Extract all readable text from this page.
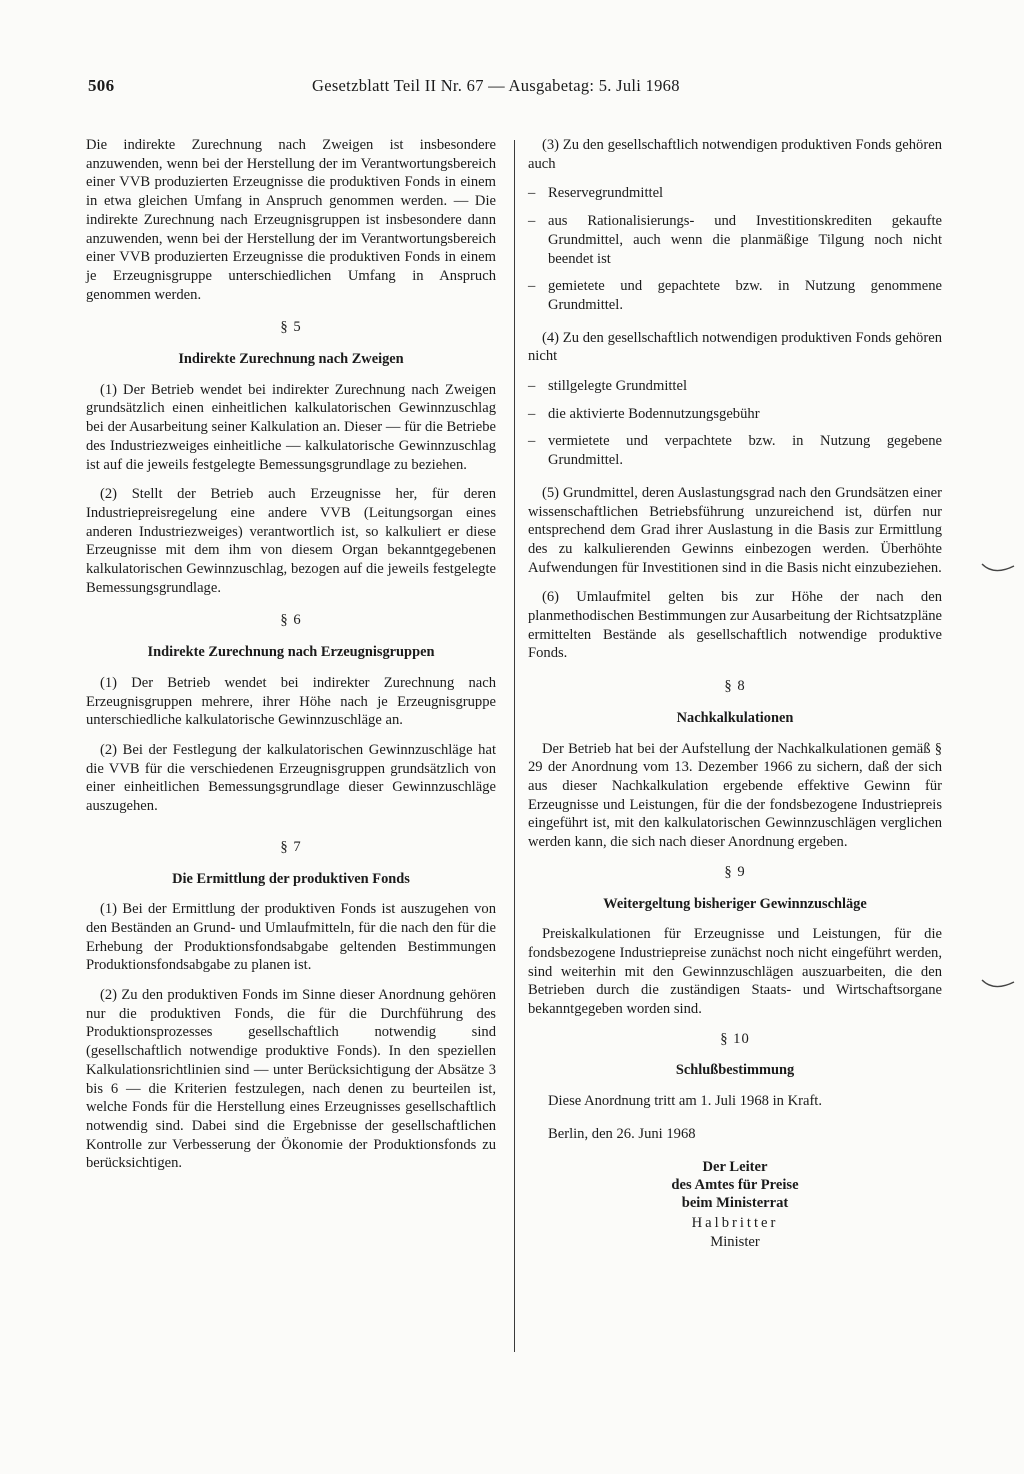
506	Gesetzblatt Teil II Nr. 67 — Ausgabetag: 5. Juli 1968

Die indirekte Zurechnung nach Zweigen ist insbesondere anzuwenden, wenn bei der Herstellung der im Verantwortungsbereich einer VVB produzierten Erzeugnisse die produktiven Fonds in einem in etwa gleichen Umfang in Anspruch genommen werden. — Die indirekte Zurechnung nach Erzeugnisgruppen ist insbesondere dann anzuwenden, wenn bei der Herstellung der im Verantwortungsbereich einer VVB produzierten Erzeugnisse die produktiven Fonds in einem je Erzeugnisgruppe unterschiedlichen Umfang in Anspruch genommen werden.

§ 5
Indirekte Zurechnung nach Zweigen

(1) Der Betrieb wendet bei indirekter Zurechnung nach Zweigen grundsätzlich einen einheitlichen kalkulatorischen Gewinnzuschlag bei der Ausarbeitung seiner Kalkulation an. Dieser — für die Betriebe des Industriezweiges einheitliche — kalkulatorische Gewinnzuschlag ist auf die jeweils festgelegte Bemessungsgrundlage zu beziehen.

(2) Stellt der Betrieb auch Erzeugnisse her, für deren Industriepreisregelung eine andere VVB (Leitungsorgan eines anderen Industriezweiges) verantwortlich ist, so kalkuliert er diese Erzeugnisse mit dem ihm von diesem Organ bekanntgegebenen kalkulatorischen Gewinnzuschlag, bezogen auf die jeweils festgelegte Bemessungsgrundlage.

§ 6
Indirekte Zurechnung nach Erzeugnisgruppen

(1) Der Betrieb wendet bei indirekter Zurechnung nach Erzeugnisgruppen mehrere, ihrer Höhe nach je Erzeugnisgruppe unterschiedliche kalkulatorische Gewinnzuschläge an.

(2) Bei der Festlegung der kalkulatorischen Gewinnzuschläge hat die VVB für die verschiedenen Erzeugnisgruppen grundsätzlich von einer einheitlichen Bemessungsgrundlage dieser Gewinnzuschläge auszugehen.

§ 7
Die Ermittlung der produktiven Fonds

(1) Bei der Ermittlung der produktiven Fonds ist auszugehen von den Beständen an Grund- und Umlaufmitteln, für die nach den für die Erhebung der Produktionsfondsabgabe geltenden Bestimmungen Produktionsfondsabgabe zu planen ist.

(2) Zu den produktiven Fonds im Sinne dieser Anordnung gehören nur die produktiven Fonds, die für die Durchführung des Produktionsprozesses gesellschaftlich notwendig sind (gesellschaftlich notwendige produktive Fonds). In den speziellen Kalkulationsrichtlinien sind — unter Berücksichtigung der Absätze 3 bis 6 — die Kriterien festzulegen, nach denen zu beurteilen ist, welche Fonds für die Herstellung eines Erzeugnisses gesellschaftlich notwendig sind. Dabei sind die Ergebnisse der gesellschaftlichen Kontrolle zur Verbesserung der Ökonomie der Produktionsfonds zu berücksichtigen.

(3) Zu den gesellschaftlich notwendigen produktiven Fonds gehören auch

– Reservegrundmittel
– aus Rationalisierungs- und Investitionskrediten gekaufte Grundmittel, auch wenn die planmäßige Tilgung noch nicht beendet ist
– gemietete und gepachtete bzw. in Nutzung genommene Grundmittel.

(4) Zu den gesellschaftlich notwendigen produktiven Fonds gehören nicht

– stillgelegte Grundmittel
– die aktivierte Bodennutzungsgebühr
– vermietete und verpachtete bzw. in Nutzung gegebene Grundmittel.

(5) Grundmittel, deren Auslastungsgrad nach den Grundsätzen einer wissenschaftlichen Betriebsführung unzureichend ist, dürfen nur entsprechend dem Grad ihrer Auslastung in die Basis zur Ermittlung des zu kalkulierenden Gewinns einbezogen werden. Überhöhte Aufwendungen für Investitionen sind in die Basis nicht einzubeziehen.

(6) Umlaufmitel gelten bis zur Höhe der nach den planmethodischen Bestimmungen zur Ausarbeitung der Richtsatzpläne ermittelten Bestände als gesellschaftlich notwendige produktive Fonds.

§ 8
Nachkalkulationen

Der Betrieb hat bei der Aufstellung der Nachkalkulationen gemäß § 29 der Anordnung vom 13. Dezember 1966 zu sichern, daß der sich aus dieser Nachkalkulation ergebende effektive Gewinn für Erzeugnisse und Leistungen, für die der fondsbezogene Industriepreis eingeführt ist, mit den kalkulatorischen Gewinnzuschlägen verglichen werden kann, die sich nach dieser Anordnung ergeben.

§ 9
Weitergeltung bisheriger Gewinnzuschläge

Preiskalkulationen für Erzeugnisse und Leistungen, für die fondsbezogene Industriepreise zunächst noch nicht eingeführt werden, sind weiterhin mit den Gewinnzuschlägen auszuarbeiten, die den Betrieben durch die zuständigen Staats- und Wirtschaftsorgane bekanntgegeben worden sind.

§ 10
Schlußbestimmung

Diese Anordnung tritt am 1. Juli 1968 in Kraft.

Berlin, den 26. Juni 1968

Der Leiter
des Amtes für Preise
beim Ministerrat
Halbritter
Minister
